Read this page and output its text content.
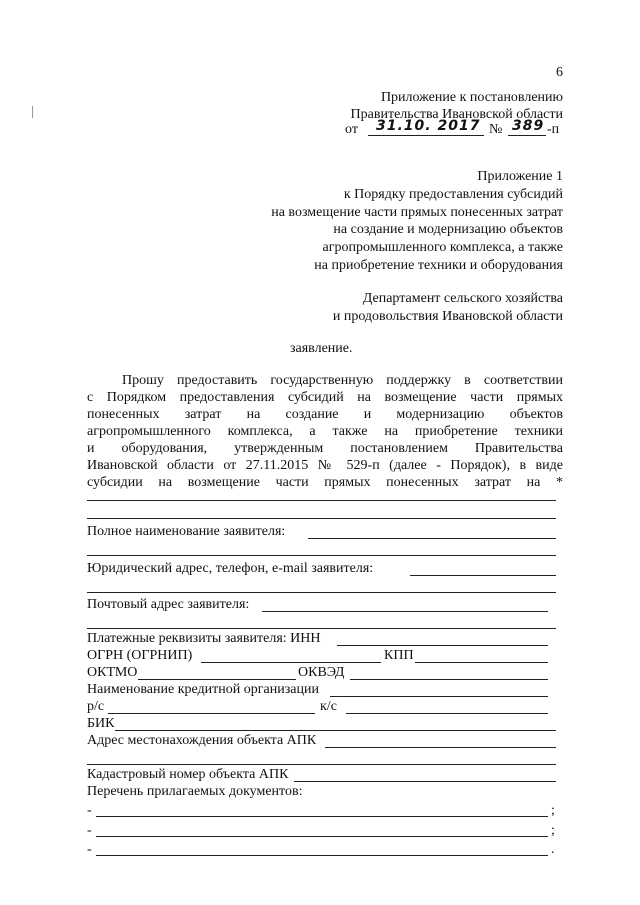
6
Приложение к постановлению
Правительства Ивановской области
от 31.10. 2017 № 389 -п
Приложение 1
к Порядку предоставления субсидий
на возмещение части прямых понесенных затрат
на создание и модернизацию объектов
агропромышленного комплекса, а также
на приобретение техники и оборудования
Департамент сельского хозяйства
и продовольствия Ивановской области
заявление.
Прошу предоставить государственную поддержку в соответствии
с Порядком предоставления субсидий на возмещение части прямых
понесенных затрат на создание и модернизацию объектов
агропромышленного комплекса, а также на приобретение техники
и оборудования, утвержденным постановлением Правительства
Ивановской области от 27.11.2015 № 529-п (далее - Порядок), в виде
субсидии на возмещение части прямых понесенных затрат на *
Полное наименование заявителя:
Юридический адрес, телефон, e-mail заявителя:
Почтовый адрес заявителя:
Платежные реквизиты заявителя: ИНН
ОГРН (ОГРНИП)	КПП
ОКТМО	ОКВЭД
Наименование кредитной организации
р/с	к/с
БИК
Адрес местонахождения объекта АПК
Кадастровый номер объекта АПК
Перечень прилагаемых документов:
-	;
-	;
-	.
